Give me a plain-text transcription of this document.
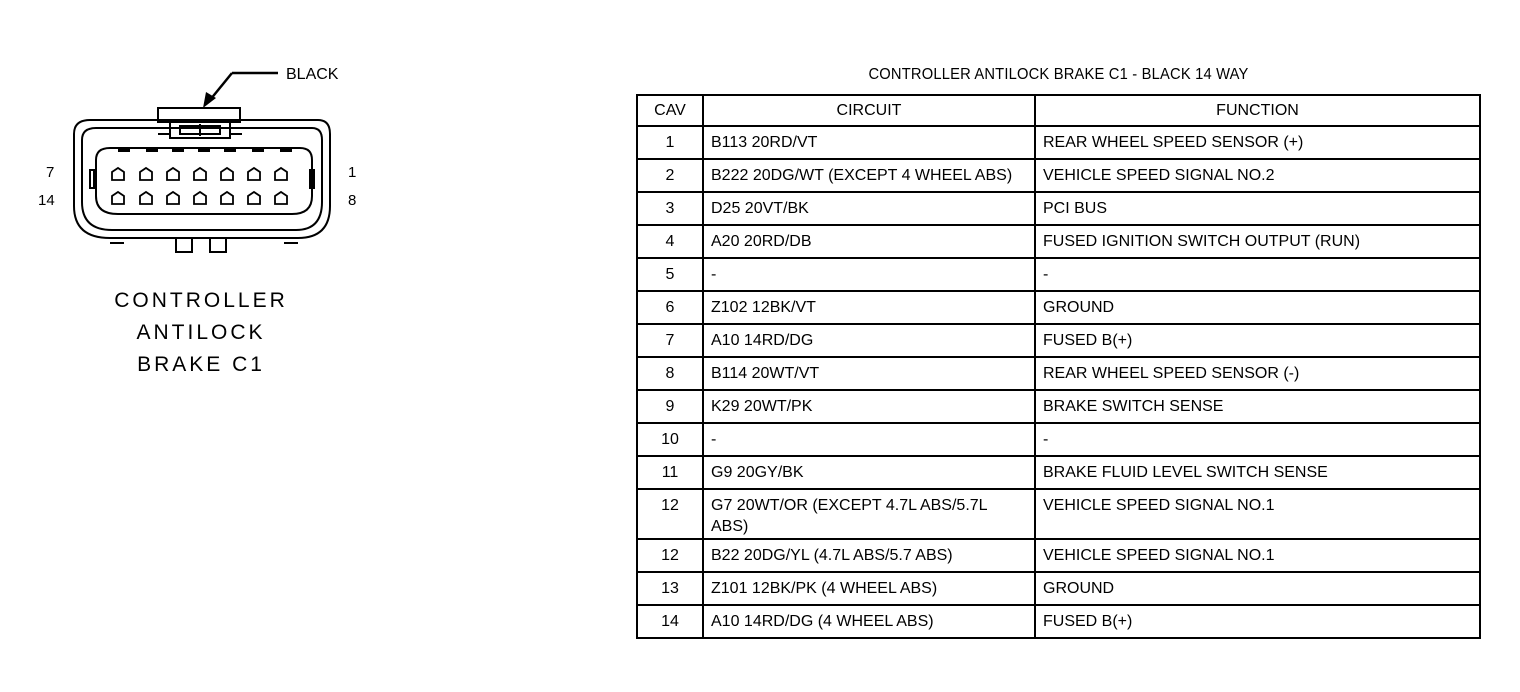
BLACK
7
14
1
8
CONTROLLER
ANTILOCK
BRAKE C1
CONTROLLER ANTILOCK BRAKE C1 - BLACK 14 WAY
CAV	CIRCUIT	FUNCTION
1	B113 20RD/VT	REAR WHEEL SPEED SENSOR (+)
2	B222 20DG/WT (EXCEPT 4 WHEEL ABS)	VEHICLE SPEED SIGNAL NO.2
3	D25 20VT/BK	PCI BUS
4	A20 20RD/DB	FUSED IGNITION SWITCH OUTPUT (RUN)
5	-	-
6	Z102 12BK/VT	GROUND
7	A10 14RD/DG	FUSED B(+)
8	B114 20WT/VT	REAR WHEEL SPEED SENSOR (-)
9	K29 20WT/PK	BRAKE SWITCH SENSE
10	-	-
11	G9 20GY/BK	BRAKE FLUID LEVEL SWITCH SENSE
12	G7 20WT/OR (EXCEPT 4.7L ABS/5.7L ABS)	VEHICLE SPEED SIGNAL NO.1
12	B22 20DG/YL (4.7L ABS/5.7 ABS)	VEHICLE SPEED SIGNAL NO.1
13	Z101 12BK/PK (4 WHEEL ABS)	GROUND
14	A10 14RD/DG (4 WHEEL ABS)	FUSED B(+)
